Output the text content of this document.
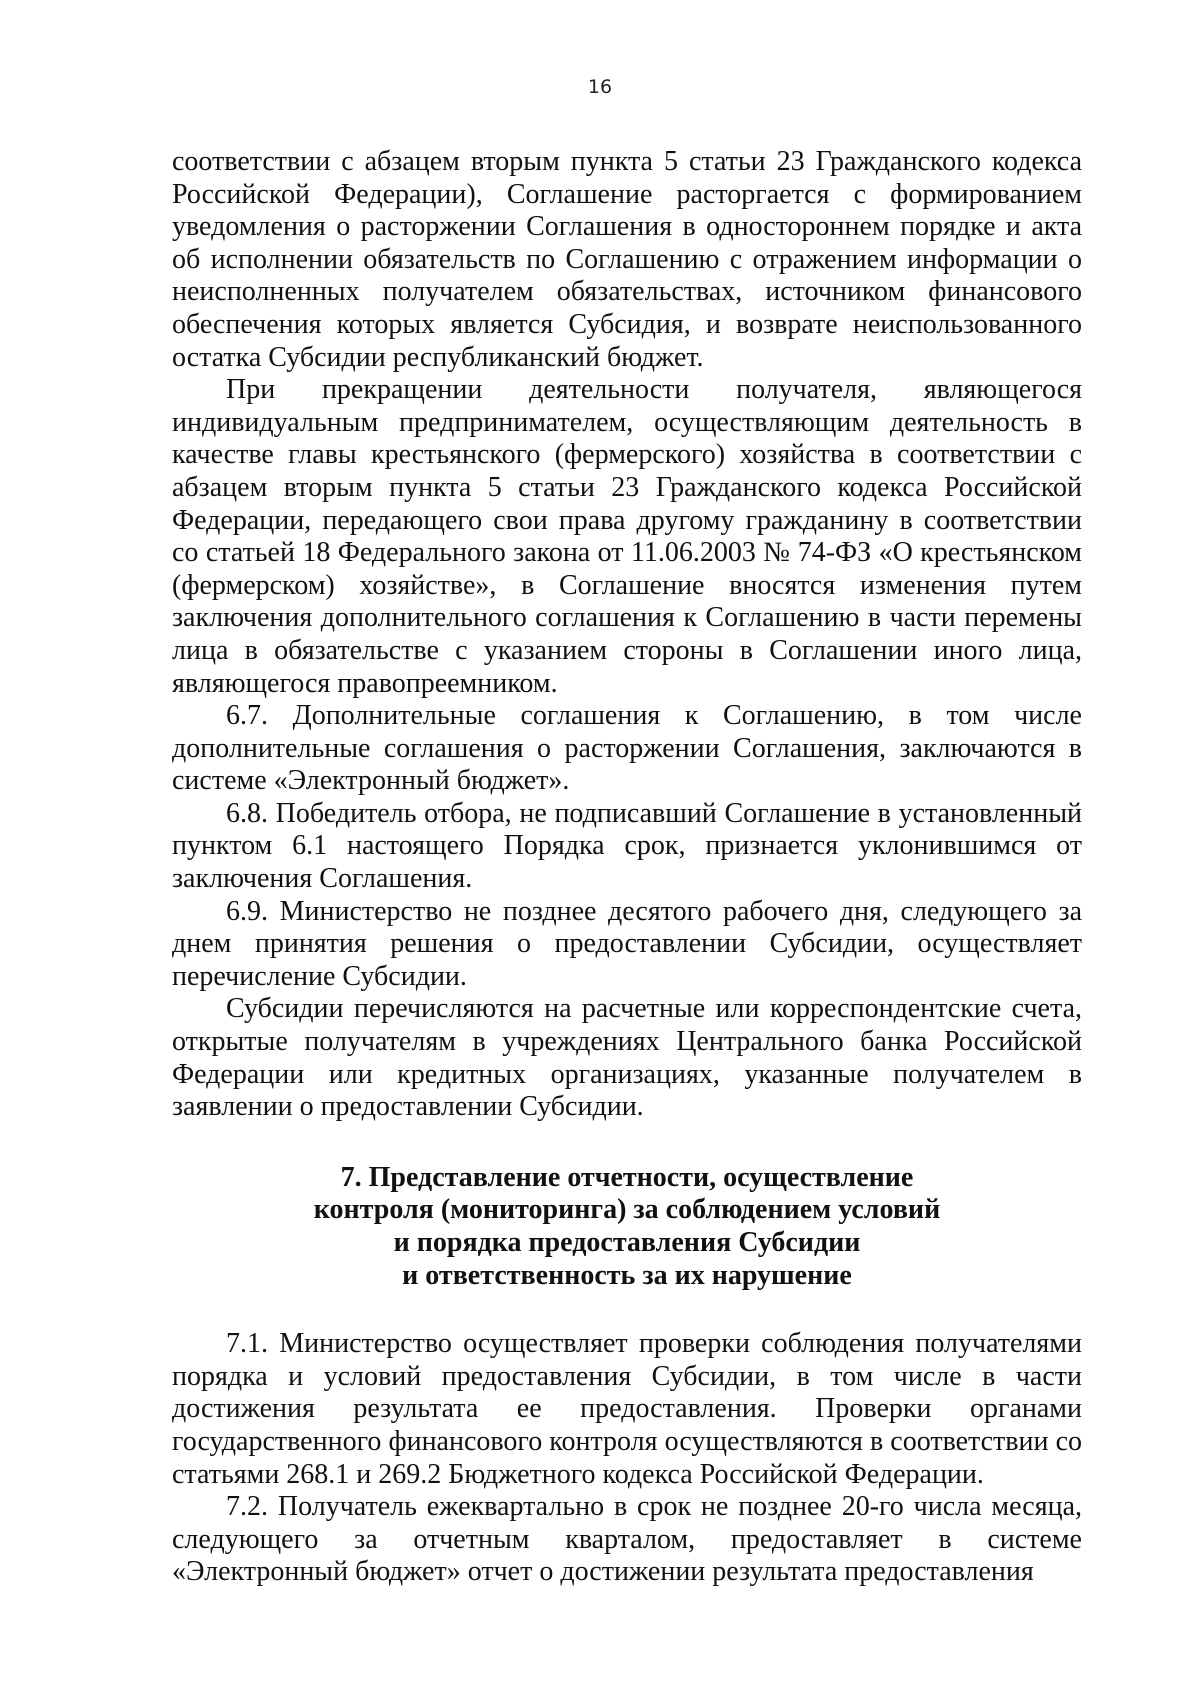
16

соответствии с абзацем вторым пункта 5 статьи 23 Гражданского кодекса Российской Федерации), Соглашение расторгается с формированием уведомления о расторжении Соглашения в одностороннем порядке и акта об исполнении обязательств по Соглашению с отражением информации о неисполненных получателем обязательствах, источником финансового обеспечения которых является Субсидия, и возврате неиспользованного остатка Субсидии республиканский бюджет.

При прекращении деятельности получателя, являющегося индивидуальным предпринимателем, осуществляющим деятельность в качестве главы крестьянского (фермерского) хозяйства в соответствии с абзацем вторым пункта 5 статьи 23 Гражданского кодекса Российской Федерации, передающего свои права другому гражданину в соответствии со статьей 18 Федерального закона от 11.06.2003 № 74-ФЗ «О крестьянском (фермерском) хозяйстве», в Соглашение вносятся изменения путем заключения дополнительного соглашения к Соглашению в части перемены лица в обязательстве с указанием стороны в Соглашении иного лица, являющегося правопреемником.

6.7. Дополнительные соглашения к Соглашению, в том числе дополнительные соглашения о расторжении Соглашения, заключаются в системе «Электронный бюджет».

6.8. Победитель отбора, не подписавший Соглашение в установленный пунктом 6.1 настоящего Порядка срок, признается уклонившимся от заключения Соглашения.

6.9. Министерство не позднее десятого рабочего дня, следующего за днем принятия решения о предоставлении Субсидии, осуществляет перечисление Субсидии.

Субсидии перечисляются на расчетные или корреспондентские счета, открытые получателям в учреждениях Центрального банка Российской Федерации или кредитных организациях, указанные получателем в заявлении о предоставлении Субсидии.

7. Представление отчетности, осуществление
контроля (мониторинга) за соблюдением условий
и порядка предоставления Субсидии
и ответственность за их нарушение

7.1. Министерство осуществляет проверки соблюдения получателями порядка и условий предоставления Субсидии, в том числе в части достижения результата ее предоставления. Проверки органами государственного финансового контроля осуществляются в соответствии со статьями 268.1 и 269.2 Бюджетного кодекса Российской Федерации.

7.2. Получатель ежеквартально в срок не позднее 20-го числа месяца, следующего за отчетным кварталом, предоставляет в системе «Электронный бюджет» отчет о достижении результата предоставления
